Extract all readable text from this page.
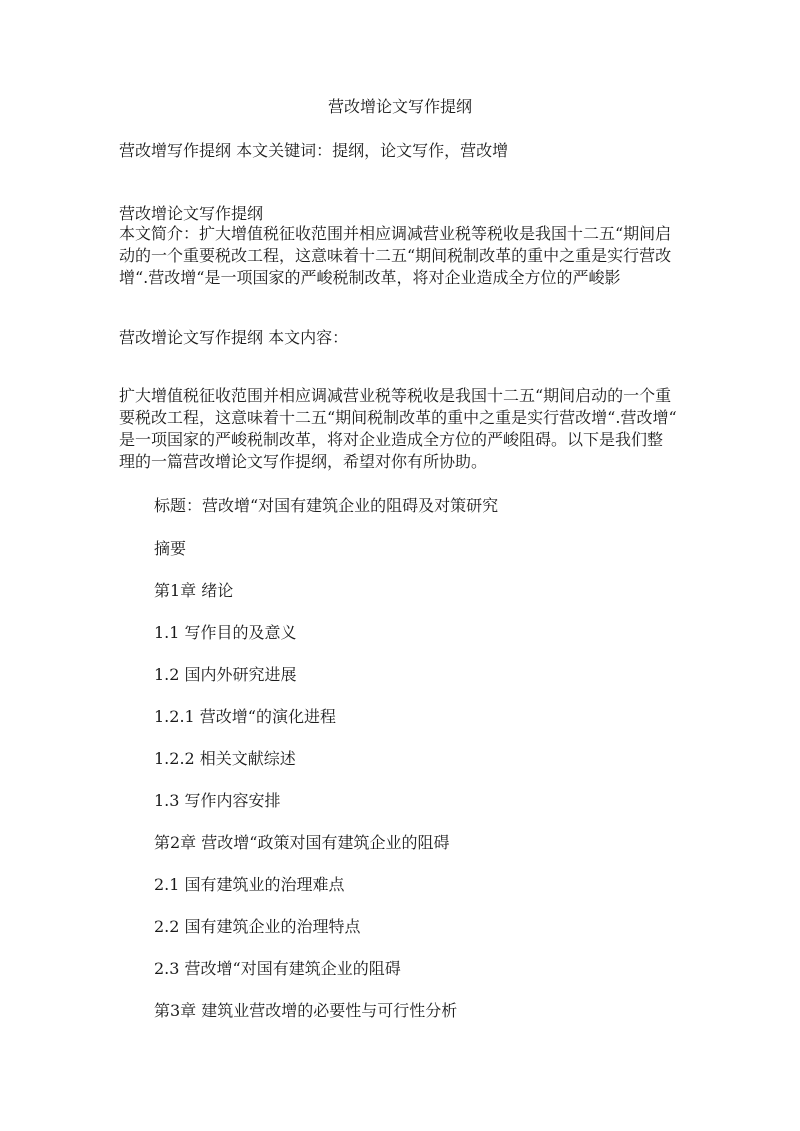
营改增论文写作提纲
营改增写作提纲 本文关键词：提纲，论文写作，营改增
营改增论文写作提纲
本文简介：扩大增值税征收范围并相应调减营业税等税收是我国十二五“期间启
动的一个重要税改工程，这意味着十二五“期间税制改革的重中之重是实行营改
增“.营改增“是一项国家的严峻税制改革，将对企业造成全方位的严峻影
营改增论文写作提纲 本文内容：
扩大增值税征收范围并相应调减营业税等税收是我国十二五“期间启动的一个重
要税改工程，这意味着十二五“期间税制改革的重中之重是实行营改增“.营改增“
是一项国家的严峻税制改革，将对企业造成全方位的严峻阻碍。以下是我们整
理的一篇营改增论文写作提纲，希望对你有所协助。
标题：营改增“对国有建筑企业的阻碍及对策研究
摘要
第1章 绪论
1.1 写作目的及意义
1.2 国内外研究进展
1.2.1 营改增“的演化进程
1.2.2 相关文献综述
1.3 写作内容安排
第2章 营改增“政策对国有建筑企业的阻碍
2.1 国有建筑业的治理难点
2.2 国有建筑企业的治理特点
2.3 营改增“对国有建筑企业的阻碍
第3章 建筑业营改增的必要性与可行性分析
